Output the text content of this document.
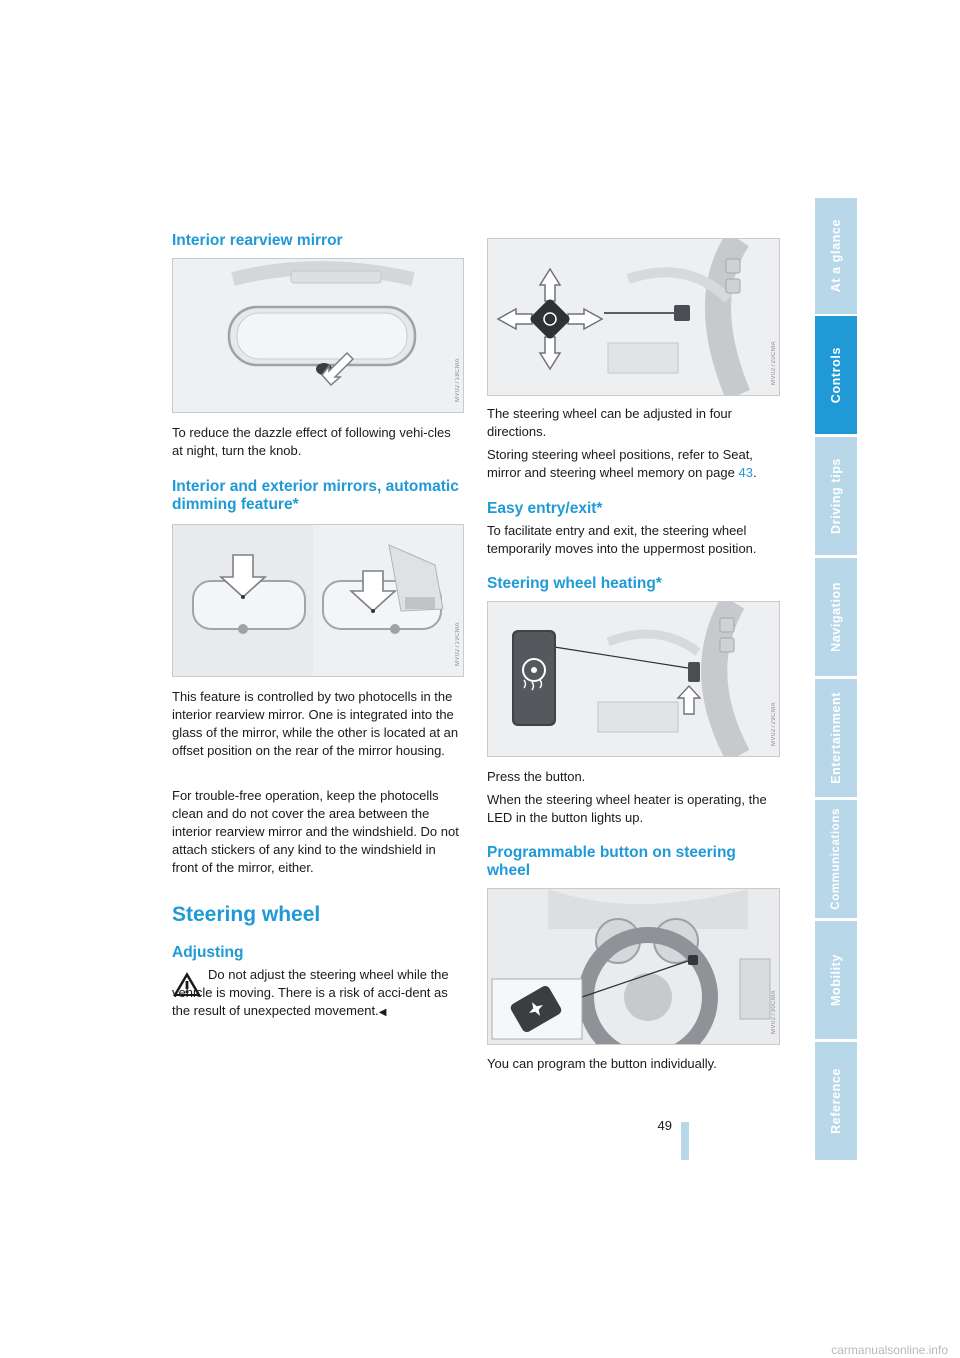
At a glance
Controls
Driving tips
Navigation
Entertainment
Communications
Mobility
Reference
Interior rearview mirror
MV02718CMA

To reduce the dazzle effect of following vehi-cles at night, turn the knob.

Interior and exterior mirrors, automatic dimming feature*
MV02719CMA

This feature is controlled by two photocells in the interior rearview mirror. One is integrated into the glass of the mirror, while the other is located at an offset position on the rear of the mirror housing.

For trouble-free operation, keep the photocells clean and do not cover the area between the interior rearview mirror and the windshield. Do not attach stickers of any kind to the windshield in front of the mirror, either.

Steering wheel
Adjusting

Do not adjust the steering wheel while the vehicle is moving. There is a risk of acci-dent as the result of unexpected movement.◀

MV02720CMA

The steering wheel can be adjusted in four directions.

Storing steering wheel positions, refer to Seat, mirror and steering wheel memory on page 43.

Easy entry/exit*

To facilitate entry and exit, the steering wheel temporarily moves into the uppermost position.

Steering wheel heating*
MV02729CMA

Press the button.

When the steering wheel heater is operating, the LED in the button lights up.

Programmable button on steering wheel
MV02730CMA

You can program the button individually.

49
carmanualsonline.info
